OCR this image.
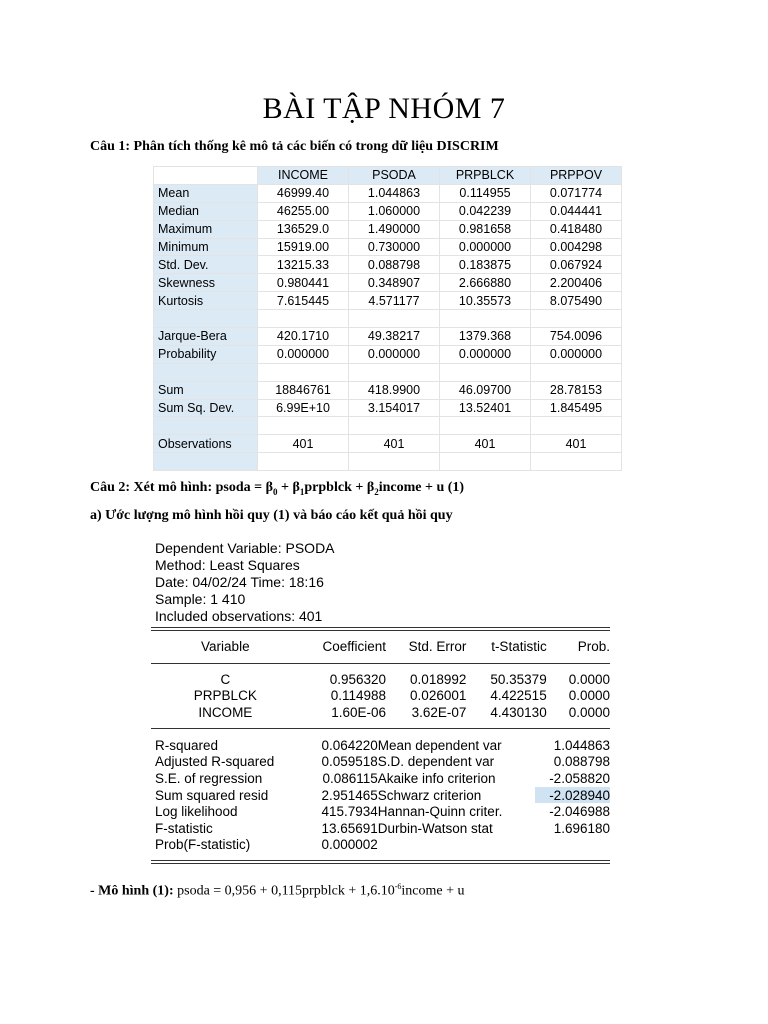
BÀI TẬP NHÓM 7
Câu 1: Phân tích thống kê mô tả các biến có trong dữ liệu DISCRIM
	INCOME	PSODA	PRPBLCK	PRPPOV
Mean	46999.40	1.044863	0.114955	0.071774
Median	46255.00	1.060000	0.042239	0.044441
Maximum	136529.0	1.490000	0.981658	0.418480
Minimum	15919.00	0.730000	0.000000	0.004298
Std. Dev.	13215.33	0.088798	0.183875	0.067924
Skewness	0.980441	0.348907	2.666880	2.200406
Kurtosis	7.615445	4.571177	10.35573	8.075490

Jarque-Bera	420.1710	49.38217	1379.368	754.0096
Probability	0.000000	0.000000	0.000000	0.000000

Sum	18846761	418.9900	46.09700	28.78153
Sum Sq. Dev.	6.99E+10	3.154017	13.52401	1.845495

Observations	401	401	401	401

Câu 2: Xét mô hình: psoda = $\beta_0$ + $\beta_1prpblck$ + $\beta_2income + u$ (1)
a) Ước lượng mô hình hồi quy (1) và báo cáo kết quả hồi quy
Dependent Variable: PSODA
Method: Least Squares
Date: 04/02/24 Time: 18:16
Sample: 1 410
Included observations: 401
Variable	Coefficient	Std. Error	t-Statistic	Prob.
C	0.956320	0.018992	50.35379	0.0000
PRPBLCK	0.114988	0.026001	4.422515	0.0000
INCOME	1.60E-06	3.62E-07	4.430130	0.0000
R-squared	0.064220	Mean dependent var	1.044863
Adjusted R-squared	0.059518	S.D. dependent var	0.088798
S.E. of regression	0.086115	Akaike info criterion	-2.058820
Sum squared resid	2.951465	Schwarz criterion	-2.028940
Log likelihood	415.7934	Hannan-Quinn criter.	-2.046988
F-statistic	13.65691	Durbin-Watson stat	1.696180
Prob(F-statistic)	0.000002		
- Mô hình (1): psoda = 0,956 + 0,115prpblck + $1,6.10^{-6}income + u$
